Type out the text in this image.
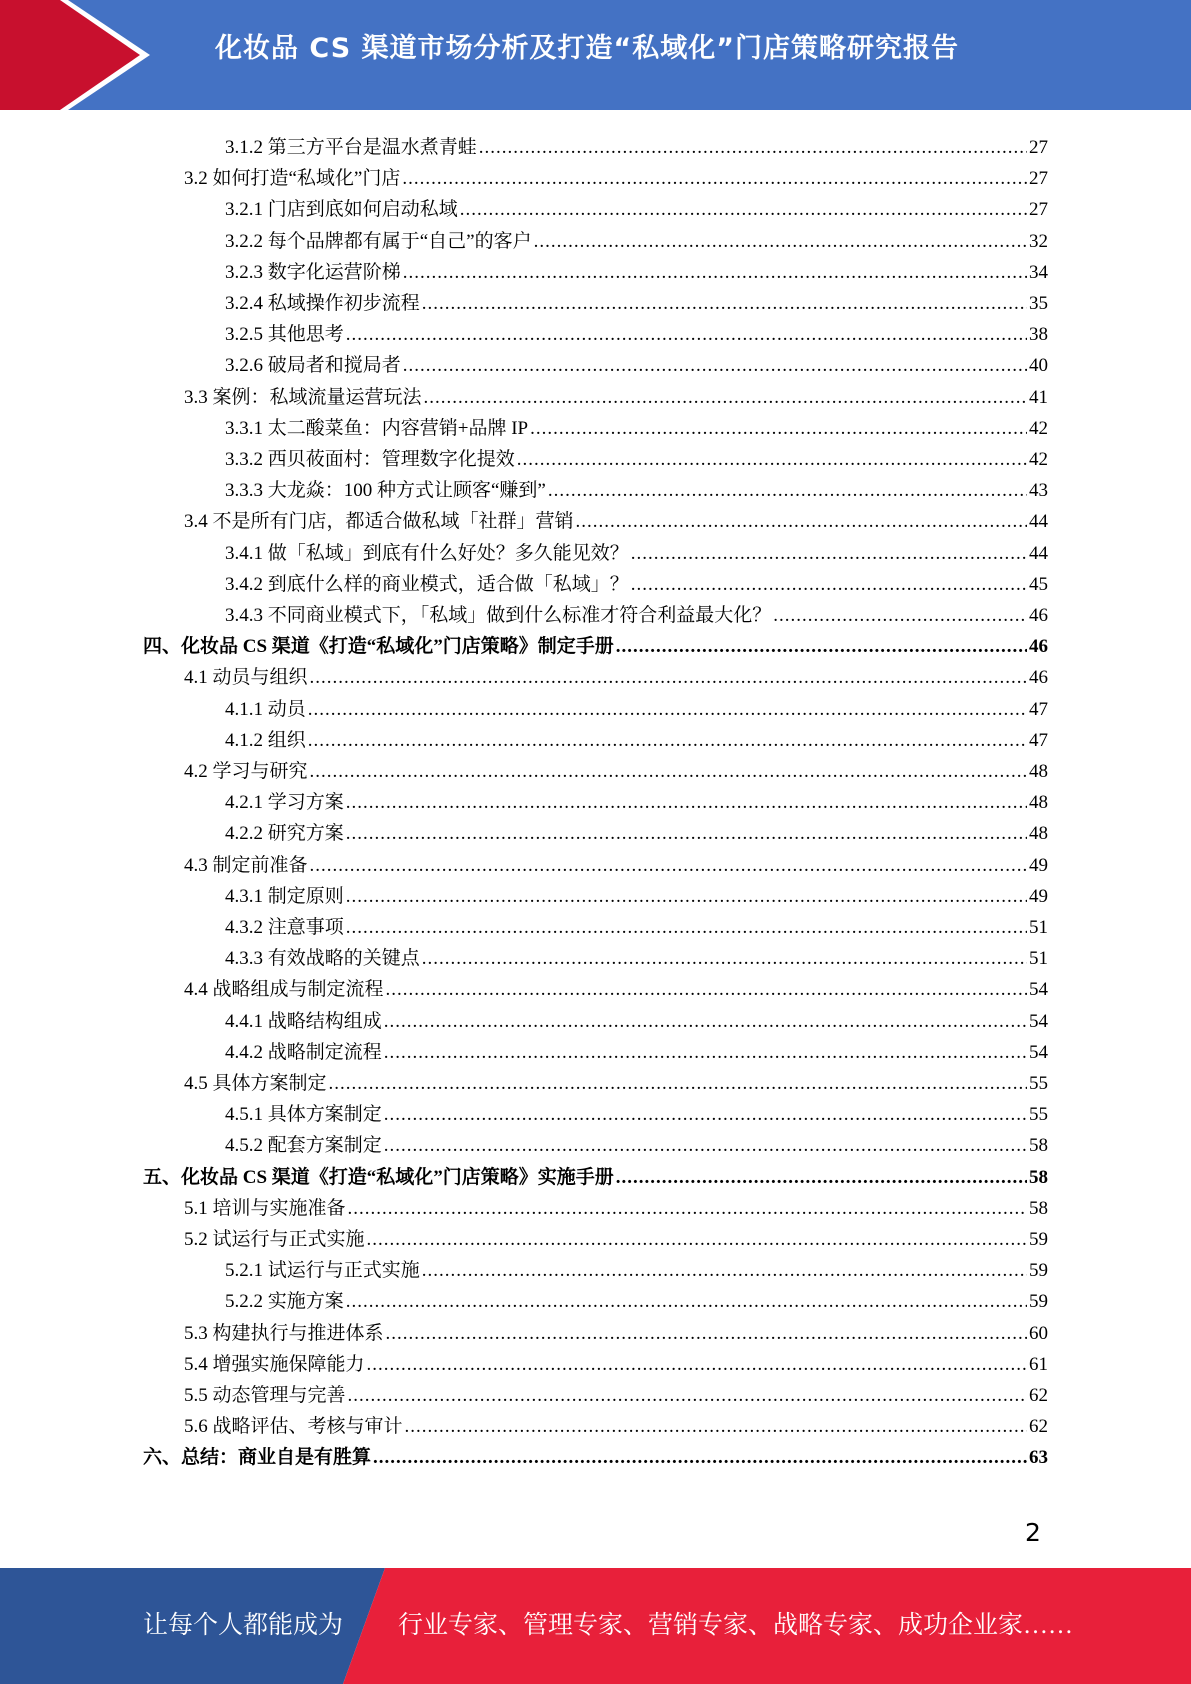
化妆品 CS 渠道市场分析及打造“私域化”门店策略研究报告
3.1.2 第三方平台是温水煮青蛙 .....	27
3.2 如何打造“私域化”门店 .....	27
3.2.1 门店到底如何启动私域 .....	27
3.2.2 每个品牌都有属于“自己”的客户 .....	32
3.2.3 数字化运营阶梯 .....	34
3.2.4 私域操作初步流程 .....	35
3.2.5 其他思考 .....	38
3.2.6 破局者和搅局者 .....	40
3.3 案例：私域流量运营玩法 .....	41
3.3.1 太二酸菜鱼：内容营销+品牌 IP .....	42
3.3.2 西贝莜面村：管理数字化提效 .....	42
3.3.3 大龙焱：100 种方式让顾客“赚到” .....	43
3.4 不是所有门店，都适合做私域「社群」营销 .....	44
3.4.1 做「私域」到底有什么好处？多久能见效？ .....	44
3.4.2 到底什么样的商业模式，适合做「私域」？ .....	45
3.4.3 不同商业模式下，「私域」做到什么标准才符合利益最大化？ .....	46
四、化妆品 CS 渠道《打造“私域化”门店策略》制定手册 .....	46
4.1 动员与组织 .....	46
4.1.1 动员 .....	47
4.1.2 组织 .....	47
4.2 学习与研究 .....	48
4.2.1 学习方案 .....	48
4.2.2 研究方案 .....	48
4.3 制定前准备 .....	49
4.3.1 制定原则 .....	49
4.3.2 注意事项 .....	51
4.3.3 有效战略的关键点 .....	51
4.4 战略组成与制定流程 .....	54
4.4.1 战略结构组成 .....	54
4.4.2 战略制定流程 .....	54
4.5 具体方案制定 .....	55
4.5.1 具体方案制定 .....	55
4.5.2 配套方案制定 .....	58
五、化妆品 CS 渠道《打造“私域化”门店策略》实施手册 .....	58
5.1 培训与实施准备 .....	58
5.2 试运行与正式实施 .....	59
5.2.1 试运行与正式实施 .....	59
5.2.2 实施方案 .....	59
5.3 构建执行与推进体系 .....	60
5.4 增强实施保障能力 .....	61
5.5 动态管理与完善 .....	62
5.6 战略评估、考核与审计 .....	62
六、总结：商业自是有胜算 .....	63
2
让每个人都能成为 行业专家、管理专家、营销专家、战略专家、成功企业家……
